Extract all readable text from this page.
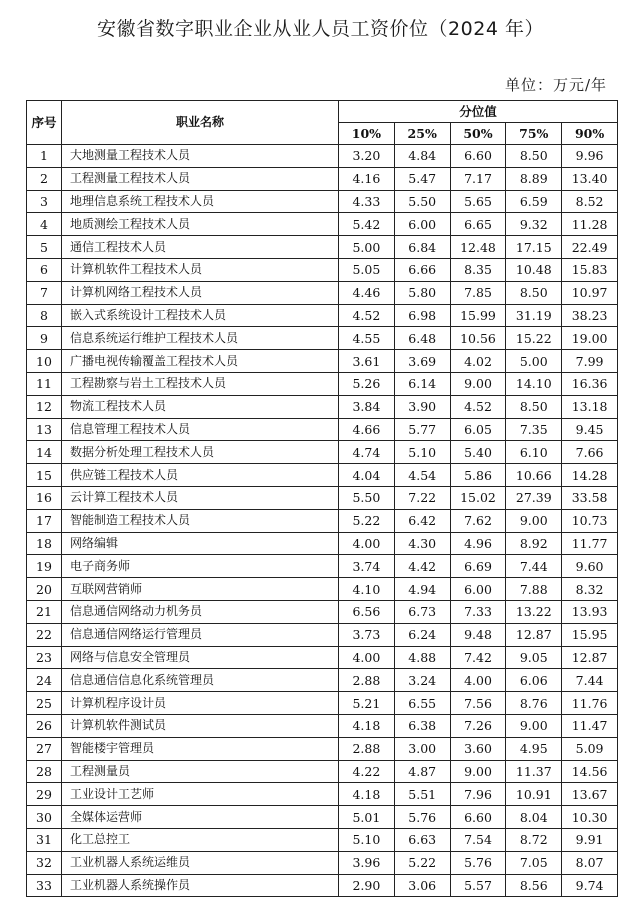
安徽省数字职业企业从业人员工资价位（2024 年）
单位：万元/年
序号	职业名称	分位值				
		10%	25%	50%	75%	90%
1	大地测量工程技术人员	3.20	4.84	6.60	8.50	9.96
2	工程测量工程技术人员	4.16	5.47	7.17	8.89	13.40
3	地理信息系统工程技术人员	4.33	5.50	5.65	6.59	8.52
4	地质测绘工程技术人员	5.42	6.00	6.65	9.32	11.28
5	通信工程技术人员	5.00	6.84	12.48	17.15	22.49
6	计算机软件工程技术人员	5.05	6.66	8.35	10.48	15.83
7	计算机网络工程技术人员	4.46	5.80	7.85	8.50	10.97
8	嵌入式系统设计工程技术人员	4.52	6.98	15.99	31.19	38.23
9	信息系统运行维护工程技术人员	4.55	6.48	10.56	15.22	19.00
10	广播电视传输覆盖工程技术人员	3.61	3.69	4.02	5.00	7.99
11	工程勘察与岩土工程技术人员	5.26	6.14	9.00	14.10	16.36
12	物流工程技术人员	3.84	3.90	4.52	8.50	13.18
13	信息管理工程技术人员	4.66	5.77	6.05	7.35	9.45
14	数据分析处理工程技术人员	4.74	5.10	5.40	6.10	7.66
15	供应链工程技术人员	4.04	4.54	5.86	10.66	14.28
16	云计算工程技术人员	5.50	7.22	15.02	27.39	33.58
17	智能制造工程技术人员	5.22	6.42	7.62	9.00	10.73
18	网络编辑	4.00	4.30	4.96	8.92	11.77
19	电子商务师	3.74	4.42	6.69	7.44	9.60
20	互联网营销师	4.10	4.94	6.00	7.88	8.32
21	信息通信网络动力机务员	6.56	6.73	7.33	13.22	13.93
22	信息通信网络运行管理员	3.73	6.24	9.48	12.87	15.95
23	网络与信息安全管理员	4.00	4.88	7.42	9.05	12.87
24	信息通信信息化系统管理员	2.88	3.24	4.00	6.06	7.44
25	计算机程序设计员	5.21	6.55	7.56	8.76	11.76
26	计算机软件测试员	4.18	6.38	7.26	9.00	11.47
27	智能楼宇管理员	2.88	3.00	3.60	4.95	5.09
28	工程测量员	4.22	4.87	9.00	11.37	14.56
29	工业设计工艺师	4.18	5.51	7.96	10.91	13.67
30	全媒体运营师	5.01	5.76	6.60	8.04	10.30
31	化工总控工	5.10	6.63	7.54	8.72	9.91
32	工业机器人系统运维员	3.96	5.22	5.76	7.05	8.07
33	工业机器人系统操作员	2.90	3.06	5.57	8.56	9.74
